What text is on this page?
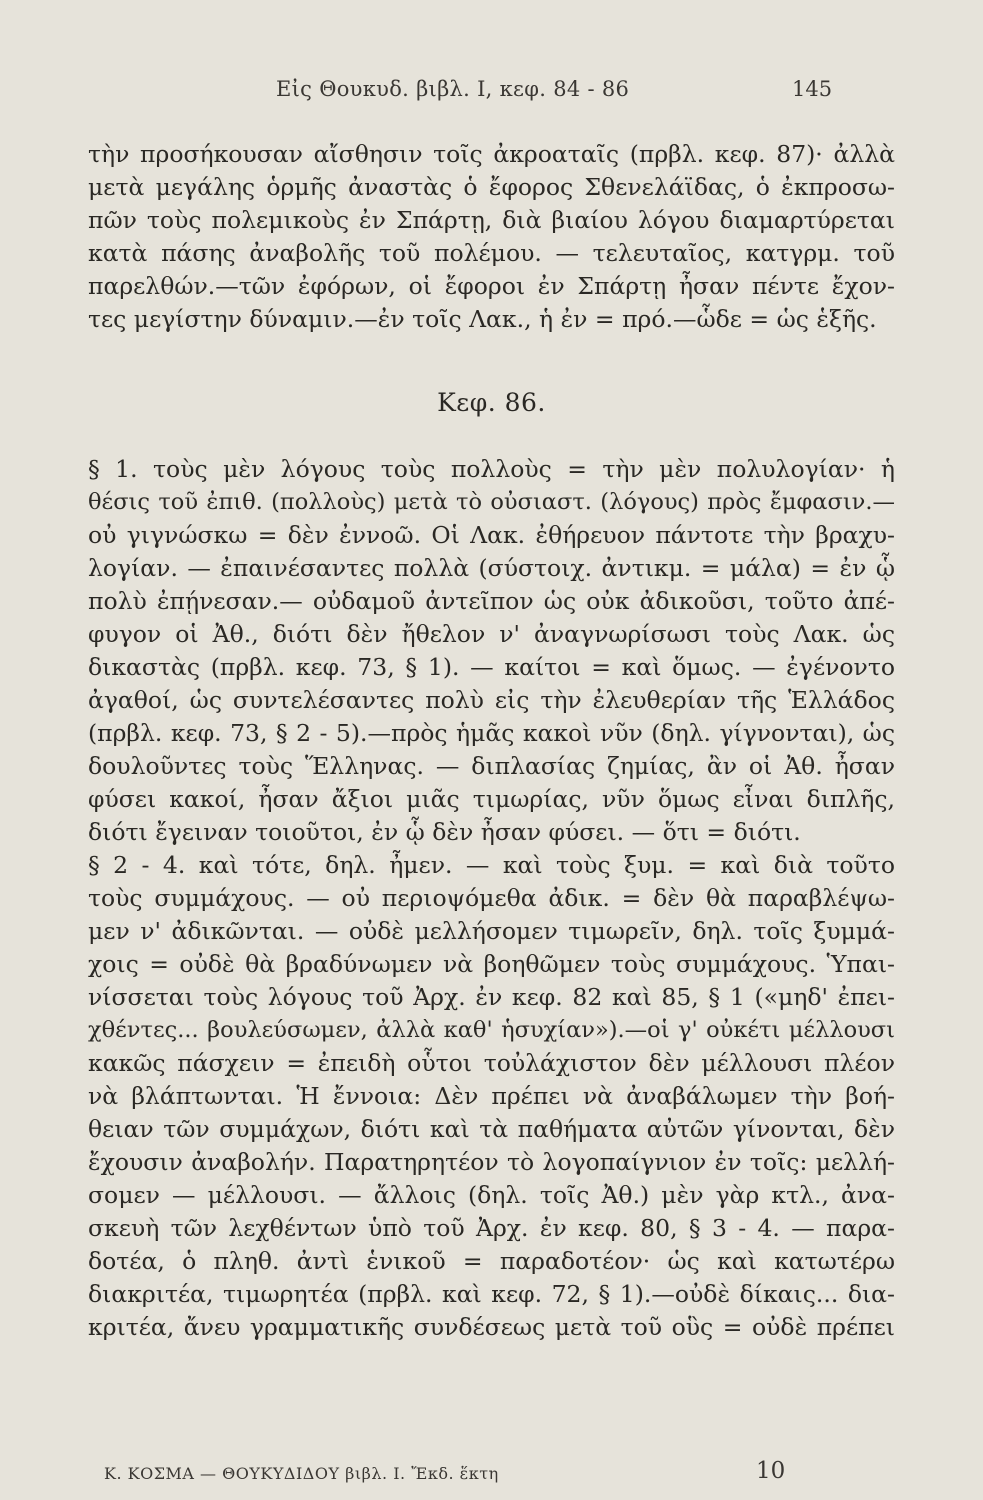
Εἰς Θουκυδ. βιβλ. Ι, κεφ. 84 - 86	145
τὴν προσήκουσαν αἴσθησιν τοῖς ἀκροαταῖς (πρβλ. κεφ. 87)· ἀλλὰ
μετὰ μεγάλης ὁρμῆς ἀναστὰς ὁ ἔφορος Σθενελάϊδας, ὁ ἐκπροσω-
πῶν τοὺς πολεμικοὺς ἐν Σπάρτῃ, διὰ βιαίου λόγου διαμαρτύρεται
κατὰ πάσης ἀναβολῆς τοῦ πολέμου. — τελευταῖος, κατγρμ. τοῦ
παρελθών.—τῶν ἐφόρων, οἱ ἔφοροι ἐν Σπάρτῃ ἦσαν πέντε ἔχον-
τες μεγίστην δύναμιν.—ἐν τοῖς Λακ., ἡ ἐν = πρό.—ὧδε = ὡς ἑξῆς.
Κεφ. 86.
§ 1. τοὺς μὲν λόγους τοὺς πολλοὺς = τὴν μὲν πολυλογίαν· ἡ
θέσις τοῦ ἐπιθ. (πολλοὺς) μετὰ τὸ οὐσιαστ. (λόγους) πρὸς ἔμφασιν.—
οὐ γιγνώσκω = δὲν ἐννοῶ. Οἱ Λακ. ἐθήρευον πάντοτε τὴν βραχυ-
λογίαν. — ἐπαινέσαντες πολλὰ (σύστοιχ. ἀντικμ. = μάλα) = ἐν ᾧ
πολὺ ἐπῄνεσαν.— οὐδαμοῦ ἀντεῖπον ὡς οὐκ ἀδικοῦσι, τοῦτο ἀπέ-
φυγον οἱ Ἀθ., διότι δὲν ἤθελον ν' ἀναγνωρίσωσι τοὺς Λακ. ὡς
δικαστὰς (πρβλ. κεφ. 73, § 1). — καίτοι = καὶ ὅμως. — ἐγένοντο
ἀγαθοί, ὡς συντελέσαντες πολὺ εἰς τὴν ἐλευθερίαν τῆς Ἑλλάδος
(πρβλ. κεφ. 73, § 2 - 5).—πρὸς ἡμᾶς κακοὶ νῦν (δηλ. γίγνονται), ὡς
δουλοῦντες τοὺς Ἕλληνας. — διπλασίας ζημίας, ἂν οἱ Ἀθ. ἦσαν
φύσει κακοί, ἦσαν ἄξιοι μιᾶς τιμωρίας, νῦν ὅμως εἶναι διπλῆς,
διότι ἔγειναν τοιοῦτοι, ἐν ᾧ δὲν ἦσαν φύσει. — ὅτι = διότι.
§ 2 - 4. καὶ τότε, δηλ. ἦμεν. — καὶ τοὺς ξυμ. = καὶ διὰ τοῦτο
τοὺς συμμάχους. — οὐ περιοψόμεθα ἀδικ. = δὲν θὰ παραβλέψω-
μεν ν' ἀδικῶνται. — οὐδὲ μελλήσομεν τιμωρεῖν, δηλ. τοῖς ξυμμά-
χοις = οὐδὲ θὰ βραδύνωμεν νὰ βοηθῶμεν τοὺς συμμάχους. Ὑπαι-
νίσσεται τοὺς λόγους τοῦ Ἀρχ. ἐν κεφ. 82 καὶ 85, § 1 («μηδ' ἐπει-
χθέντες... βουλεύσωμεν, ἀλλὰ καθ' ἡσυχίαν»).—οἱ γ' οὐκέτι μέλλουσι
κακῶς πάσχειν = ἐπειδὴ οὗτοι τοὐλάχιστον δὲν μέλλουσι πλέον
νὰ βλάπτωνται. Ἡ ἔννοια: Δὲν πρέπει νὰ ἀναβάλωμεν τὴν βοή-
θειαν τῶν συμμάχων, διότι καὶ τὰ παθήματα αὐτῶν γίνονται, δὲν
ἔχουσιν ἀναβολήν. Παρατηρητέον τὸ λογοπαίγνιον ἐν τοῖς: μελλή-
σομεν — μέλλουσι. — ἄλλοις (δηλ. τοῖς Ἀθ.) μὲν γὰρ κτλ., ἀνα-
σκευὴ τῶν λεχθέντων ὑπὸ τοῦ Ἀρχ. ἐν κεφ. 80, § 3 - 4. — παρα-
δοτέα, ὁ πληθ. ἀντὶ ἑνικοῦ = παραδοτέον· ὡς καὶ κατωτέρω
διακριτέα, τιμωρητέα (πρβλ. καὶ κεφ. 72, § 1).—οὐδὲ δίκαις... δια-
κριτέα, ἄνευ γραμματικῆς συνδέσεως μετὰ τοῦ οὓς = οὐδὲ πρέπει
Κ. ΚΟΣΜΑ — ΘΟΥΚΥΔΙΔΟΥ βιβλ. Ι. Ἔκδ. ἕκτη	10
